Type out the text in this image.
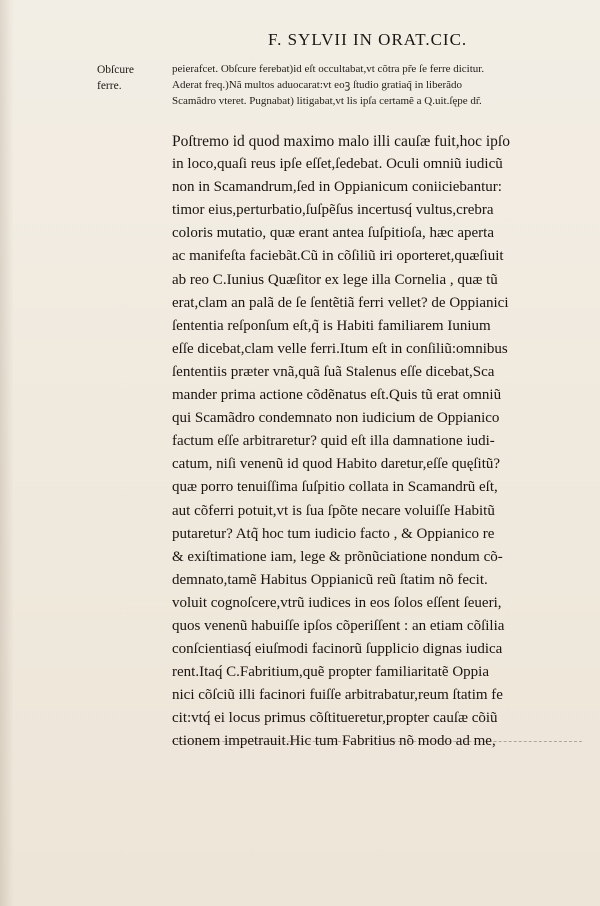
F. SYLVII IN ORAT.CIC.
Obſcure
ferre.
peierafcet. Obſcure ferebat)id eſt occultabat,vt cõtra pr̃e ſe ferre dicitur.
Aderat freq.)Nã multos aduocarat:vt eoꝫ ſtudio gratiaq̃ in liberãdo
Scamãdro vteret. Pugnabat) litigabat,vt lis ipſa certamẽ a Q.uit.ſępe dr̃.
Poſtremo id quod maximo malo illi cauſæ fuit,hoc ipſo
in loco,quaſi reus ipſe eſſet,ſedebat. Oculi omniũ iudicũ
non in Scamandrum,ſed in Oppianicum coniiciebantur:
timor eius,perturbatio,ſuſpẽſus incertusq́ vultus,crebra
coloris mutatio, quæ erant antea ſuſpitioſa, hæc aperta
ac manifeſta faciebãt.Cũ in cõſiliũ iri oporteret,quæſiuit
ab reo C.Iunius Quæſitor ex lege illa Cornelia , quæ tũ
erat,clam an palã de ſe ſentẽtiã ferri vellet? de Oppianici
ſententia reſponſum eſt,q̃ is Habiti familiarem Iunium
eſſe dicebat,clam velle ferri.Itum eſt in conſiliũ:omnibus
ſententiis præter vnã,quã ſuã Stalenus eſſe dicebat,Sca
mander prima actione cõdẽnatus eſt.Quis tũ erat omniũ
qui Scamãdro condemnato non iudicium de Oppianico
factum eſſe arbitraretur? quid eſt illa damnatione iudi-
catum, niſi venenũ id quod Habito daretur,eſſe quęſitũ?
quæ porro tenuiſſima ſuſpitio collata in Scamandrũ eſt,
aut cõferri potuit,vt is ſua ſpõte necare voluiſſe Habitũ
putaretur? Atq̃ hoc tum iudicio facto , & Oppianico re
& exiſtimatione iam, lege & prõnũciatione nondum cõ-
demnato,tamẽ Habitus Oppianicũ reũ ſtatim nõ fecit.
voluit cognoſcere,vtrũ iudices in eos ſolos eſſent ſeueri,
quos venenũ habuiſſe ipſos cõperiſſent : an etiam cõſilia
conſcientiasq́ eiuſmodi facinorũ ſupplicio dignas iudica
rent.Itaq́ C.Fabritium,quẽ propter familiaritatẽ Oppia
nici cõſciũ illi facinori fuiſſe arbitrabatur,reum ſtatim fe
cit:vtq́ ei locus primus cõſtitueretur,propter cauſæ cõiũ
ctionem impetrauit.Hic tum Fabritius nõ modo ad me,
